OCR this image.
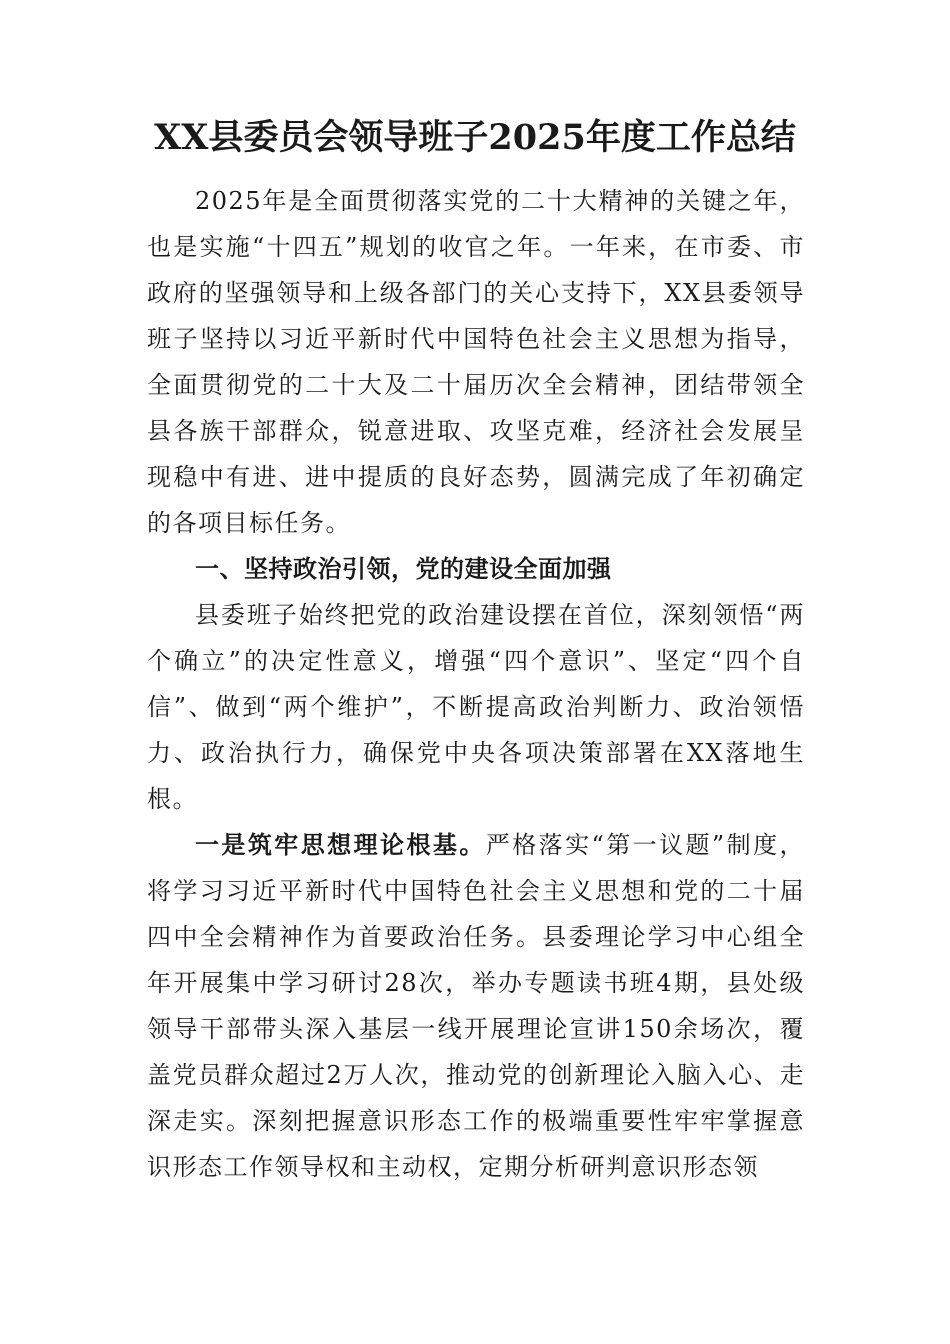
XX县委员会领导班子2025年度工作总结

2025年是全面贯彻落实党的二十大精神的关键之年，也是实施“十四五”规划的收官之年。一年来，在市委、市政府的坚强领导和上级各部门的关心支持下，XX县委领导班子坚持以习近平新时代中国特色社会主义思想为指导，全面贯彻党的二十大及二十届历次全会精神，团结带领全县各族干部群众，锐意进取、攻坚克难，经济社会发展呈现稳中有进、进中提质的良好态势，圆满完成了年初确定的各项目标任务。

一、坚持政治引领，党的建设全面加强

县委班子始终把党的政治建设摆在首位，深刻领悟“两个确立”的决定性意义，增强“四个意识”、坚定“四个自信”、做到“两个维护”，不断提高政治判断力、政治领悟力、政治执行力，确保党中央各项决策部署在XX落地生根。

一是筑牢思想理论根基。严格落实“第一议题”制度，将学习习近平新时代中国特色社会主义思想和党的二十届四中全会精神作为首要政治任务。县委理论学习中心组全年开展集中学习研讨28次，举办专题读书班4期，县处级领导干部带头深入基层一线开展理论宣讲150余场次，覆盖党员群众超过2万人次，推动党的创新理论入脑入心、走深走实。深刻把握意识形态工作的极端重要性牢牢掌握意识形态工作领导权和主动权，定期分析研判意识形态领
